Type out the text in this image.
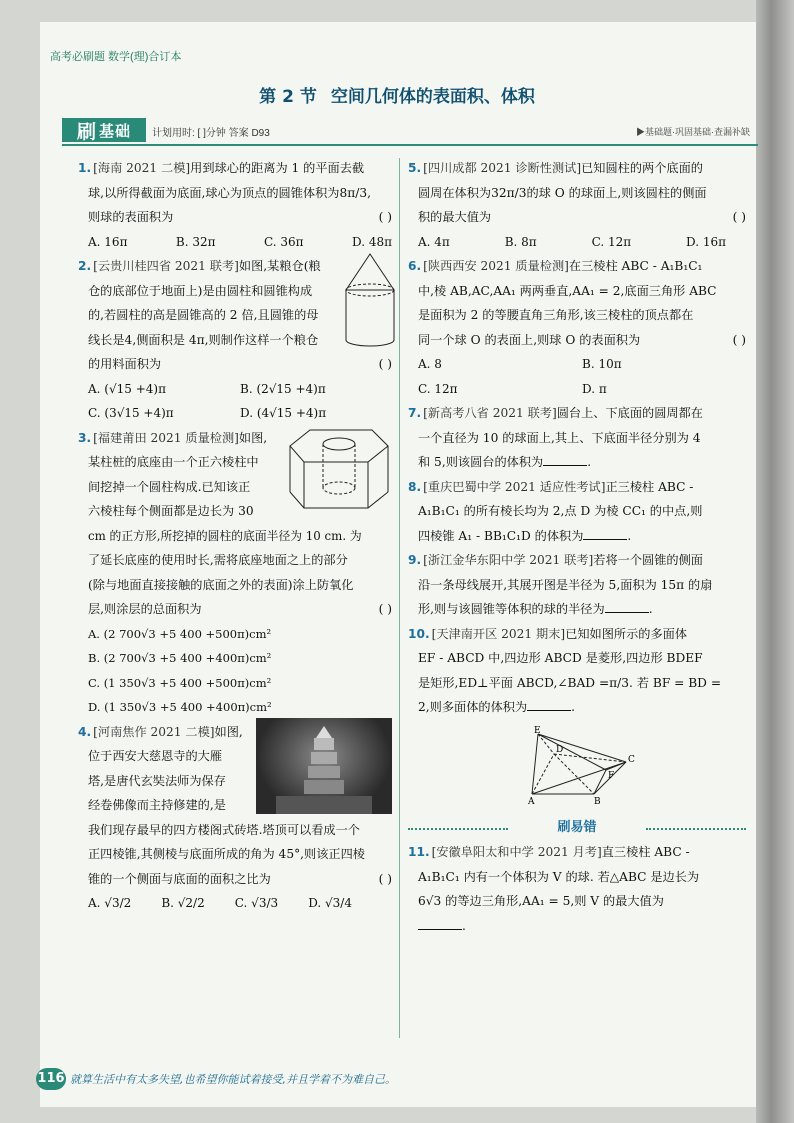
高考必刷题 数学(理)合订本
第 2 节 空间几何体的表面积、体积
刷 基础 计划用时: [ ]分钟 答案 D93	▶基础题·巩固基础·查漏补缺
1. [海南 2021 二模]用到球心的距离为 1 的平面去截
球,以所得截面为底面,球心为顶点的圆锥体积为8π/3,
则球的表面积为	( )
A. 16π	B. 32π	C. 36π	D. 48π
2. [云贵川桂四省 2021 联考]如图,某粮仓(粮
仓的底部位于地面上)是由圆柱和圆锥构成
的,若圆柱的高是圆锥高的 2 倍,且圆锥的母
线长是4,侧面积是 4π,则制作这样一个粮仓
的用料面积为	( )
A. (√15 +4)π	B. (2√15 +4)π
C. (3√15 +4)π	D. (4√15 +4)π
3. [福建莆田 2021 质量检测]如图,
某柱桩的底座由一个正六棱柱中
间挖掉一个圆柱构成.已知该正
六棱柱每个侧面都是边长为 30
cm 的正方形,所挖掉的圆柱的底面半径为 10 cm. 为
了延长底座的使用时长,需将底座地面之上的部分
(除与地面直接接触的底面之外的表面)涂上防氧化
层,则涂层的总面积为	( )
A. (2 700√3 +5 400 +500π)cm²
B. (2 700√3 +5 400 +400π)cm²
C. (1 350√3 +5 400 +500π)cm²
D. (1 350√3 +5 400 +400π)cm²
4. [河南焦作 2021 二模]如图,
位于西安大慈恩寺的大雁
塔,是唐代玄奘法师为保存
经卷佛像而主持修建的,是
我们现存最早的四方楼阁式砖塔.塔顶可以看成一个
正四棱锥,其侧棱与底面所成的角为 45°,则该正四棱
锥的一个侧面与底面的面积之比为	( )
A. √3/2	B. √2/2	C. √3/3	D. √3/4
5. [四川成都 2021 诊断性测试]已知圆柱的两个底面的
圆周在体积为32π/3的球 O 的球面上,则该圆柱的侧面
积的最大值为	( )
A. 4π	B. 8π	C. 12π	D. 16π
6. [陕西西安 2021 质量检测]在三棱柱 ABC - A₁B₁C₁
中,棱 AB,AC,AA₁ 两两垂直,AA₁ = 2,底面三角形 ABC
是面积为 2 的等腰直角三角形,该三棱柱的顶点都在
同一个球 O 的表面上,则球 O 的表面积为	( )
A. 8	B. 10π
C. 12π	D. π
7. [新高考八省 2021 联考]圆台上、下底面的圆周都在
一个直径为 10 的球面上,其上、下底面半径分别为 4
和 5,则该圆台的体积为	.
8. [重庆巴蜀中学 2021 适应性考试]正三棱柱 ABC -
A₁B₁C₁ 的所有棱长均为 2,点 D 为棱 CC₁ 的中点,则
四棱锥 A₁ - BB₁C₁D 的体积为	.
9. [浙江金华东阳中学 2021 联考]若将一个圆锥的侧面
沿一条母线展开,其展开图是半径为 5,面积为 15π 的扇
形,则与该圆锥等体积的球的半径为	.
10. [天津南开区 2021 期末]已知如图所示的多面体
EF - ABCD 中,四边形 ABCD 是菱形,四边形 BDEF
是矩形,ED⊥平面 ABCD,∠BAD =π/3. 若 BF = BD =
2,则多面体的体积为	.
E
F
D
C
A	B
刷易错
11. [安徽阜阳太和中学 2021 月考]直三棱柱 ABC -
A₁B₁C₁ 内有一个体积为 V 的球. 若△ABC 是边长为
6√3 的等边三角形,AA₁ = 5,则 V 的最大值为
.
116 就算生活中有太多失望,也希望你能试着接受,并且学着不为难自己。
